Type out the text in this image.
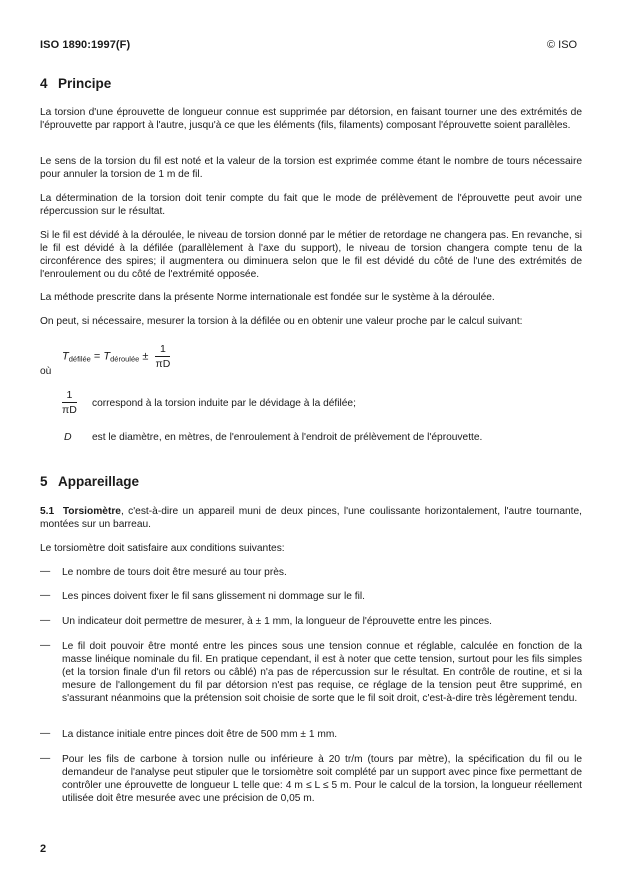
ISO 1890:1997(F)	© ISO
4 Principe

La torsion d'une éprouvette de longueur connue est supprimée par détorsion, en faisant tourner une des extrémités de l'éprouvette par rapport à l'autre, jusqu'à ce que les éléments (fils, filaments) composant l'éprouvette soient parallèles.

Le sens de la torsion du fil est noté et la valeur de la torsion est exprimée comme étant le nombre de tours nécessaire pour annuler la torsion de 1 m de fil.

La détermination de la torsion doit tenir compte du fait que le mode de prélèvement de l'éprouvette peut avoir une répercussion sur le résultat.

Si le fil est dévidé à la déroulée, le niveau de torsion donné par le métier de retordage ne changera pas. En revanche, si le fil est dévidé à la défilée (parallèlement à l'axe du support), le niveau de torsion changera compte tenu de la circonférence des spires; il augmentera ou diminuera selon que le fil est dévidé du côté de l'une des extrémités de l'enroulement ou du côté de l'extrémité opposée.

La méthode prescrite dans la présente Norme internationale est fondée sur le système à la déroulée.

On peut, si nécessaire, mesurer la torsion à la défilée ou en obtenir une valeur proche par le calcul suivant:

$T_{défilée} = T_{déroulée} \pm \frac{1}{\pi D}$
où
$\frac{1}{\pi D}$ correspond à la torsion induite par le dévidage à la défilée;
D est le diamètre, en mètres, de l'enroulement à l'endroit de prélèvement de l'éprouvette.
5 Appareillage

5.1 Torsiomètre, c'est-à-dire un appareil muni de deux pinces, l'une coulissante horizontalement, l'autre tournante, montées sur un barreau.

Le torsiomètre doit satisfaire aux conditions suivantes:

— Le nombre de tours doit être mesuré au tour près.

— Les pinces doivent fixer le fil sans glissement ni dommage sur le fil.

— Un indicateur doit permettre de mesurer, à ± 1 mm, la longueur de l'éprouvette entre les pinces.

— Le fil doit pouvoir être monté entre les pinces sous une tension connue et réglable, calculée en fonction de la masse linéique nominale du fil. En pratique cependant, il est à noter que cette tension, surtout pour les fils simples (et la torsion finale d'un fil retors ou câblé) n'a pas de répercussion sur le résultat. En contrôle de routine, et si la mesure de l'allongement du fil par détorsion n'est pas requise, ce réglage de la tension peut être supprimé, en s'assurant néanmoins que la prétension soit choisie de sorte que le fil soit droit, c'est-à-dire très légèrement tendu.

— La distance initiale entre pinces doit être de 500 mm ± 1 mm.

— Pour les fils de carbone à torsion nulle ou inférieure à 20 tr/m (tours par mètre), la spécification du fil ou le demandeur de l'analyse peut stipuler que le torsiomètre soit complété par un support avec pince fixe permettant de contrôler une éprouvette de longueur L telle que: 4 m ≤ L ≤ 5 m. Pour le calcul de la torsion, la longueur réellement utilisée doit être mesurée avec une précision de 0,05 m.

2
